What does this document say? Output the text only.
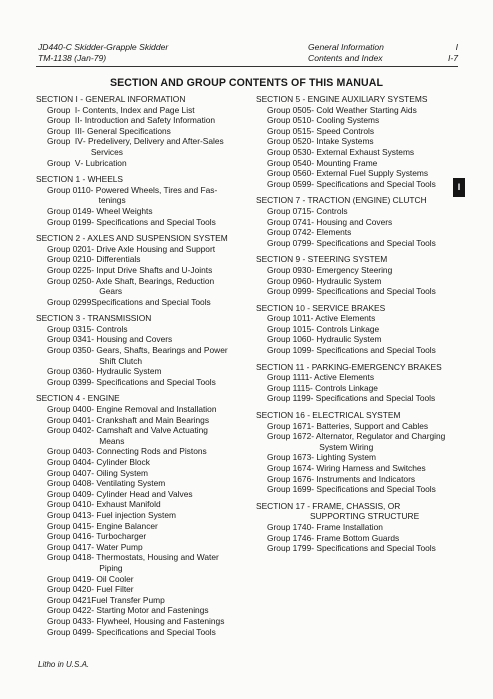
JD440-C Skidder-Grapple Skidder
TM-1138 (Jan-79)
General Information	I
Contents and Index	I-7
SECTION AND GROUP CONTENTS OF THIS MANUAL
SECTION I - GENERAL INFORMATION
Group  I - Contents, Index and Page List
Group  II - Introduction and Safety Information
Group  III - General Specifications
Group  IV - Predelivery, Delivery and After-Sales
Services
Group  V - Lubrication
SECTION 1 - WHEELS
Group 0110 - Powered Wheels, Tires and Fas-
tenings
Group 0149 - Wheel Weights
Group 0199 - Specifications and Special Tools
SECTION 2 - AXLES AND SUSPENSION SYSTEM
Group 0201 - Drive Axle Housing and Support
Group 0210 - Differentials
Group 0225 - Input Drive Shafts and U-Joints
Group 0250 - Axle Shaft, Bearings, Reduction
Gears
Group 0299 Specifications and Special Tools
SECTION 3 - TRANSMISSION
Group 0315 - Controls
Group 0341 - Housing and Covers
Group 0350 - Gears, Shafts, Bearings and Power
Shift Clutch
Group 0360 - Hydraulic System
Group 0399 - Specifications and Special Tools
SECTION 4 - ENGINE
Group 0400 - Engine Removal and Installation
Group 0401 - Crankshaft and Main Bearings
Group 0402 - Camshaft and Valve Actuating
Means
Group 0403 - Connecting Rods and Pistons
Group 0404 - Cylinder Block
Group 0407 - Oiling System
Group 0408 - Ventilating System
Group 0409 - Cylinder Head and Valves
Group 0410 - Exhaust Manifold
Group 0413 - Fuel injection System
Group 0415 - Engine Balancer
Group 0416 - Turbocharger
Group 0417 - Water Pump
Group 0418 - Thermostats, Housing and Water
Piping
Group 0419 - Oil Cooler
Group 0420 - Fuel Filter
Group 0421 Fuel Transfer Pump
Group 0422 - Starting Motor and Fastenings
Group 0433 - Flywheel, Housing and Fastenings
Group 0499 - Specifications and Special Tools
SECTION 5 - ENGINE AUXILIARY SYSTEMS
Group 0505 - Cold Weather Starting Aids
Group 0510 - Cooling Systems
Group 0515 - Speed Controls
Group 0520 - Intake Systems
Group 0530 - External Exhaust Systems
Group 0540 - Mounting Frame
Group 0560 - External Fuel Supply Systems
Group 0599 - Specifications and Special Tools
SECTION 7 - TRACTION (ENGINE) CLUTCH
Group 0715 - Controls
Group 0741 - Housing and Covers
Group 0742 - Elements
Group 0799 - Specifications and Special Tools
SECTION 9 - STEERING SYSTEM
Group 0930 - Emergency Steering
Group 0960 - Hydraulic System
Group 0999 - Specifications and Special Tools
SECTION 10 - SERVICE BRAKES
Group 1011 - Active Elements
Group 1015 - Controls Linkage
Group 1060 - Hydraulic System
Group 1099 - Specifications and Special Tools
SECTION 11 - PARKING-EMERGENCY BRAKES
Group 1111 - Active Elements
Group 1115 - Controls Linkage
Group 1199 - Specifications and Special Tools
SECTION 16 - ELECTRICAL SYSTEM
Group 1671 - Batteries, Support and Cables
Group 1672 - Alternator, Regulator and Charging
System Wiring
Group 1673 - Lighting System
Group 1674 - Wiring Harness and Switches
Group 1676 - Instruments and Indicators
Group 1699 - Specifications and Special Tools
SECTION 17 - FRAME, CHASSIS, OR
SUPPORTING STRUCTURE
Group 1740 - Frame Installation
Group 1746 - Frame Bottom Guards
Group 1799 - Specifications and Special Tools
I
Litho in U.S.A.
